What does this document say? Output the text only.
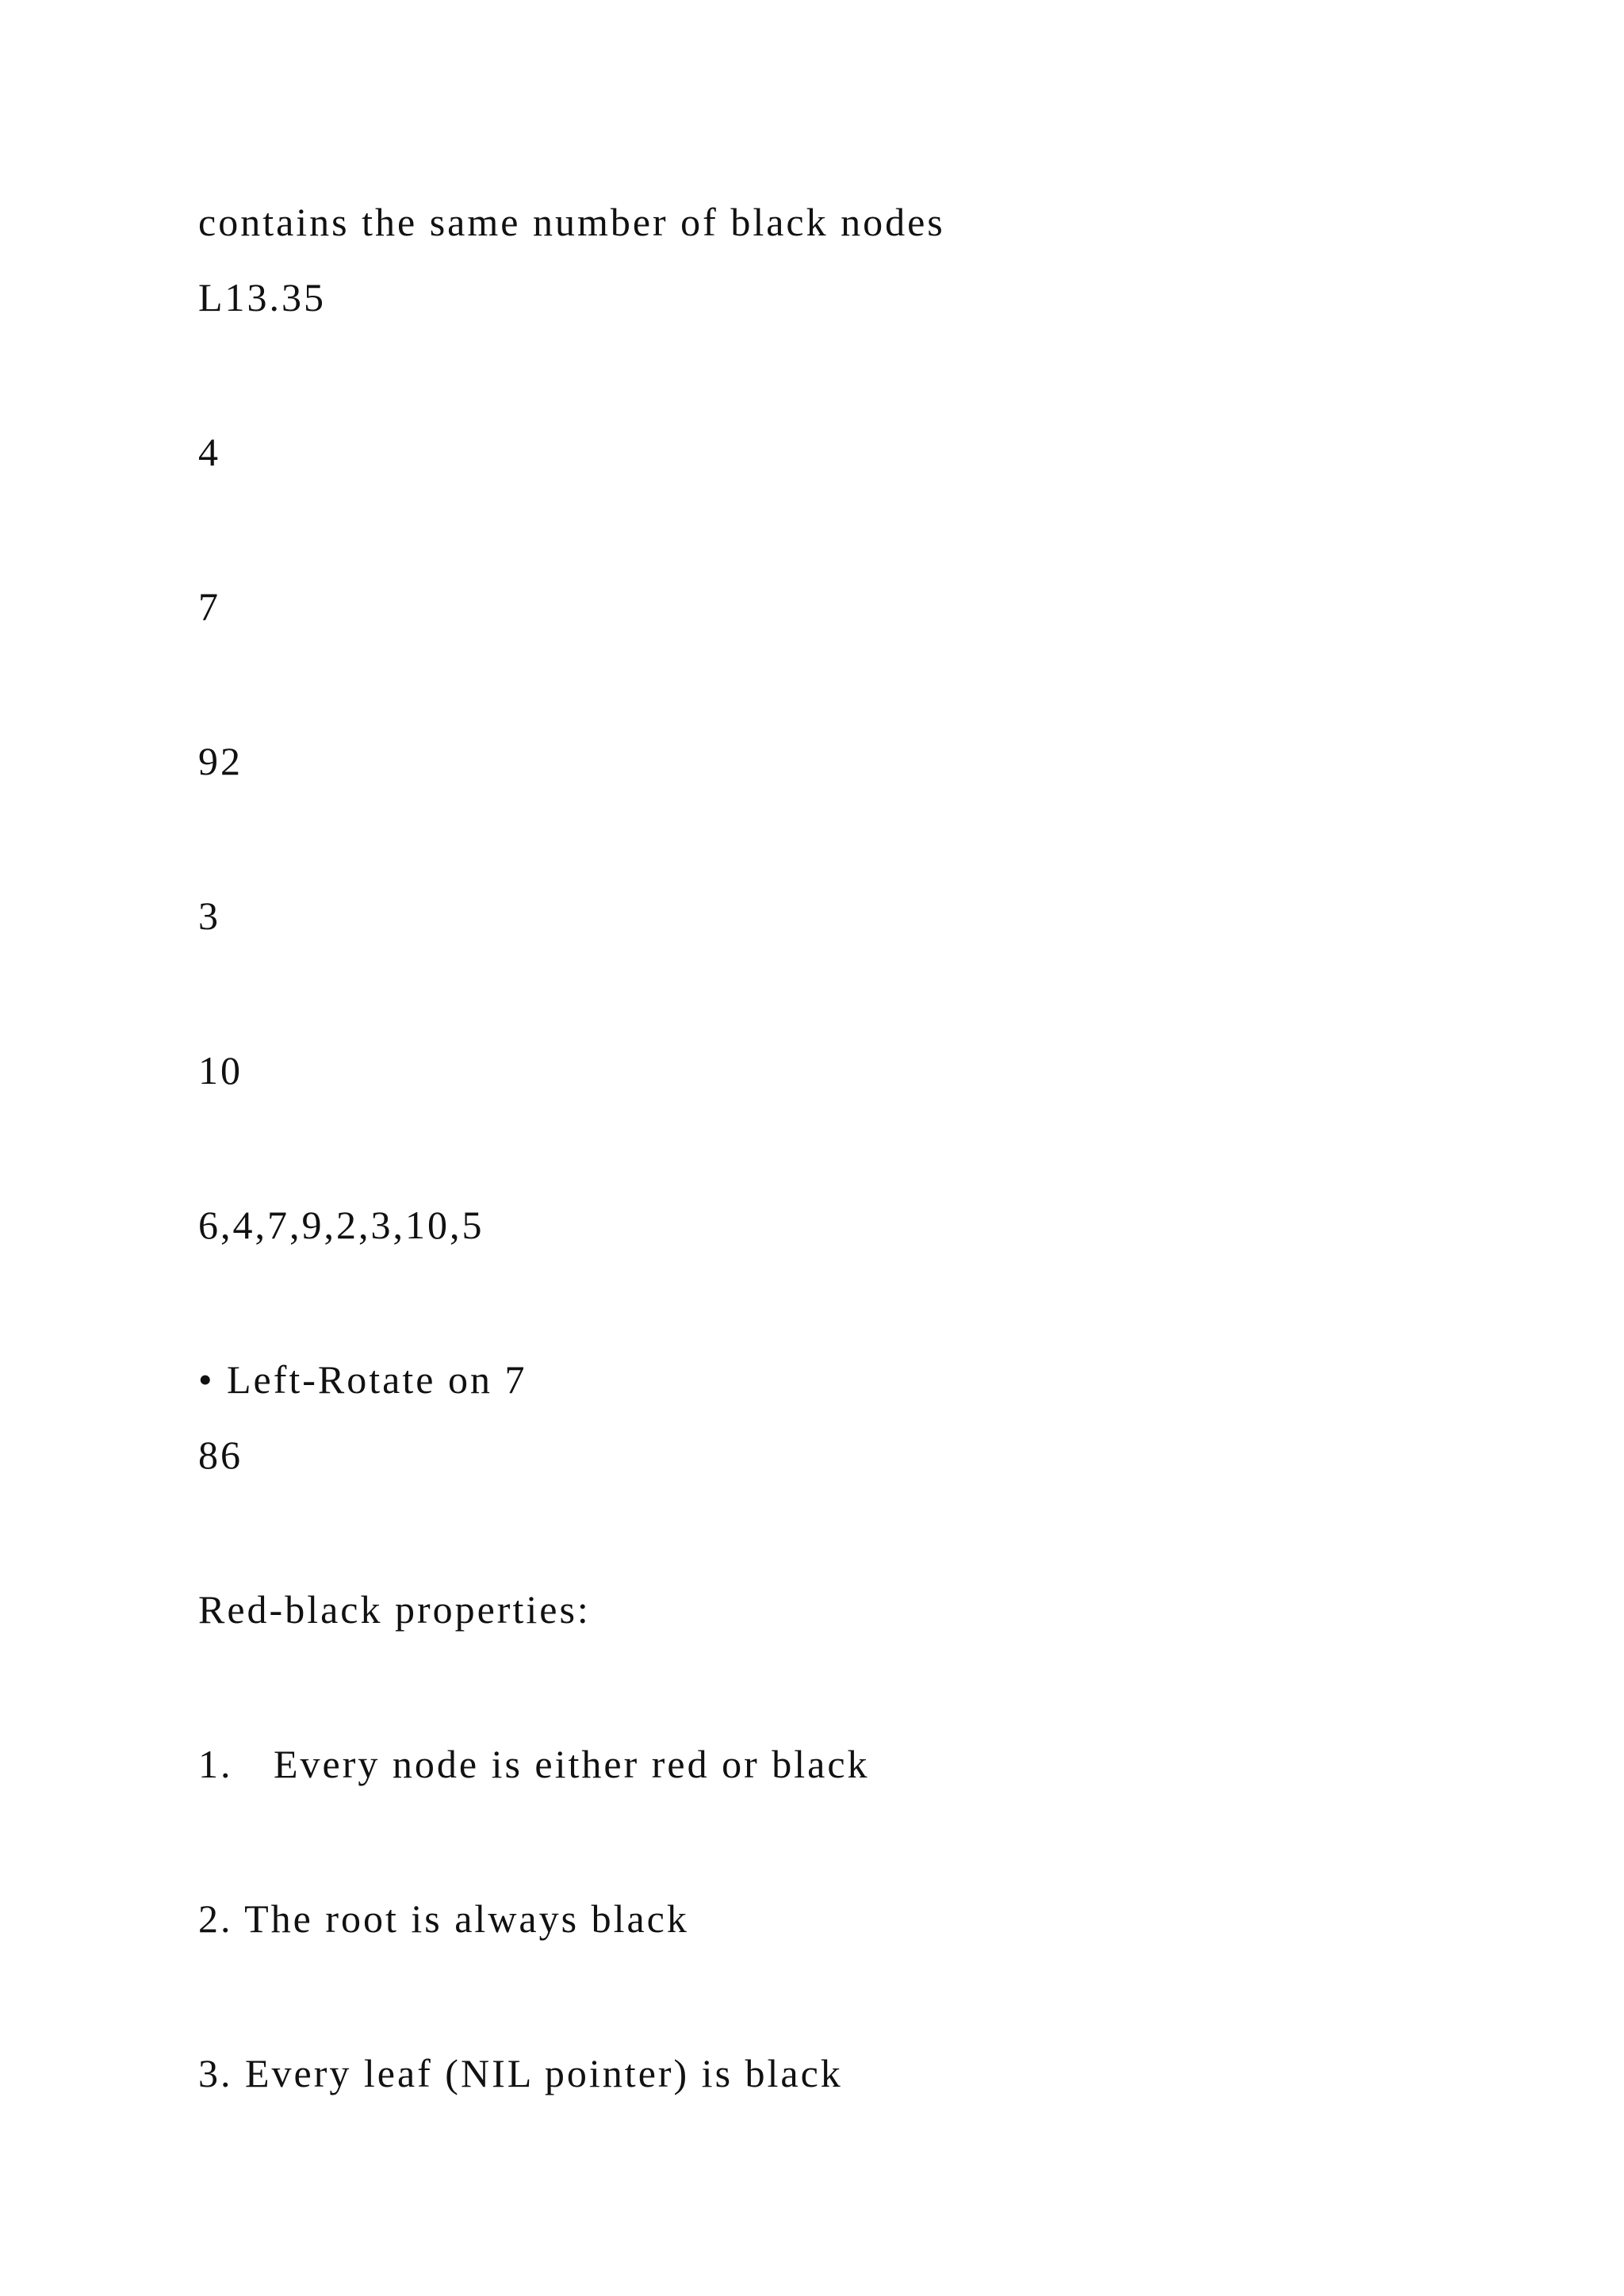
contains the same number of black nodes
L13.35
4
7
92
3
10
6,4,7,9,2,3,10,5
• Left-Rotate on 7
86
Red-black properties:
1. Every node is either red or black
2. The root is always black
3. Every leaf (NIL pointer) is black
